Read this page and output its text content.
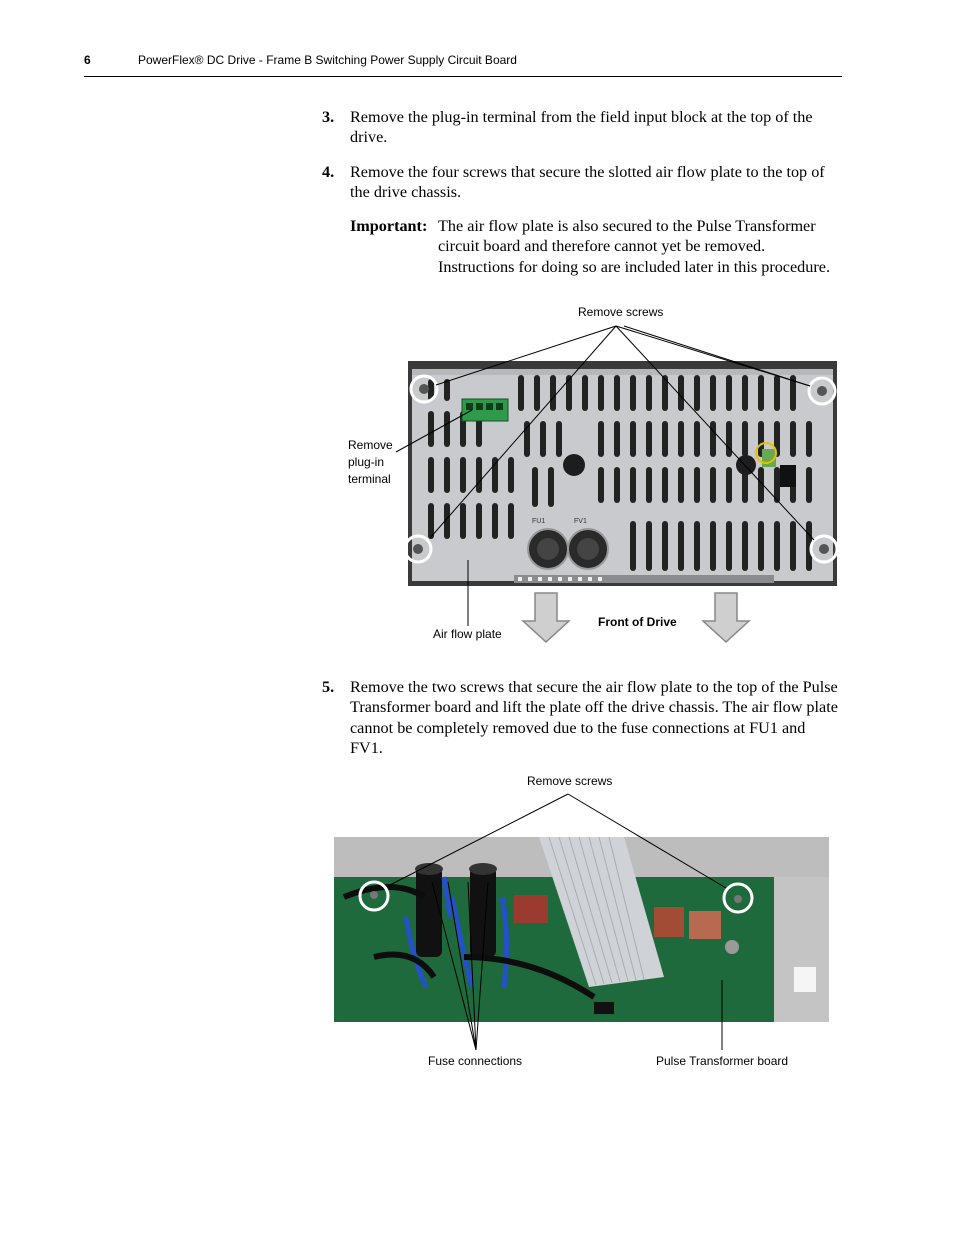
6	PowerFlex® DC Drive - Frame B Switching Power Supply Circuit Board
3. Remove the plug-in terminal from the field input block at the top of the drive.
4. Remove the four screws that secure the slotted air flow plate to the top of the drive chassis.
Important: The air flow plate is also secured to the Pulse Transformer circuit board and therefore cannot yet be removed. Instructions for doing so are included later in this procedure.
FU1	FV1
Remove screws
Remove
plug-in
terminal
Air flow plate
Front of Drive
5. Remove the two screws that secure the air flow plate to the top of the Pulse Transformer board and lift the plate off the drive chassis. The air flow plate cannot be completely removed due to the fuse connections at FU1 and FV1.
Remove screws
Fuse connections	Pulse Transformer board
